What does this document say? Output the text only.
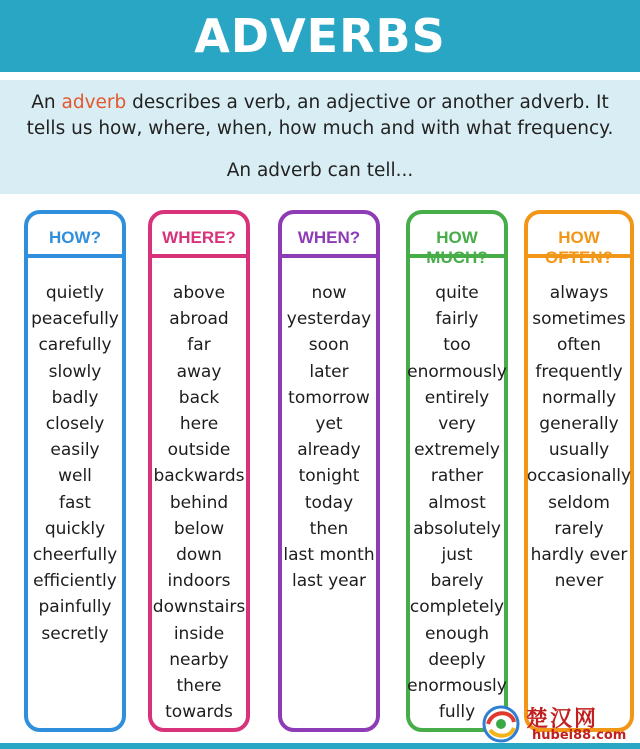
ADVERBS

An adverb describes a verb, an adjective or another adverb. It

tells us how, where, when, how much and with what frequency.

An adverb can tell...

HOW?
quietly
peacefully
carefully
slowly
badly
closely
easily
well
fast
quickly
cheerfully
efficiently
painfully
secretly
WHERE?
above
abroad
far
away
back
here
outside
backwards
behind
below
down
indoors
downstairs
inside
nearby
there
towards
WHEN?
now
yesterday
soon
later
tomorrow
yet
already
tonight
today
then
last month
last year
HOW
quite
fairly
too
enormously
entirely
very
extremely
rather
almost
absolutely
just
barely
completely
enough
deeply
enormously
fully
HOW
always
sometimes
often
frequently
normally
generally
usually
occasionally
seldom
rarely
hardly ever
never
楚汉网
hubei88.com
